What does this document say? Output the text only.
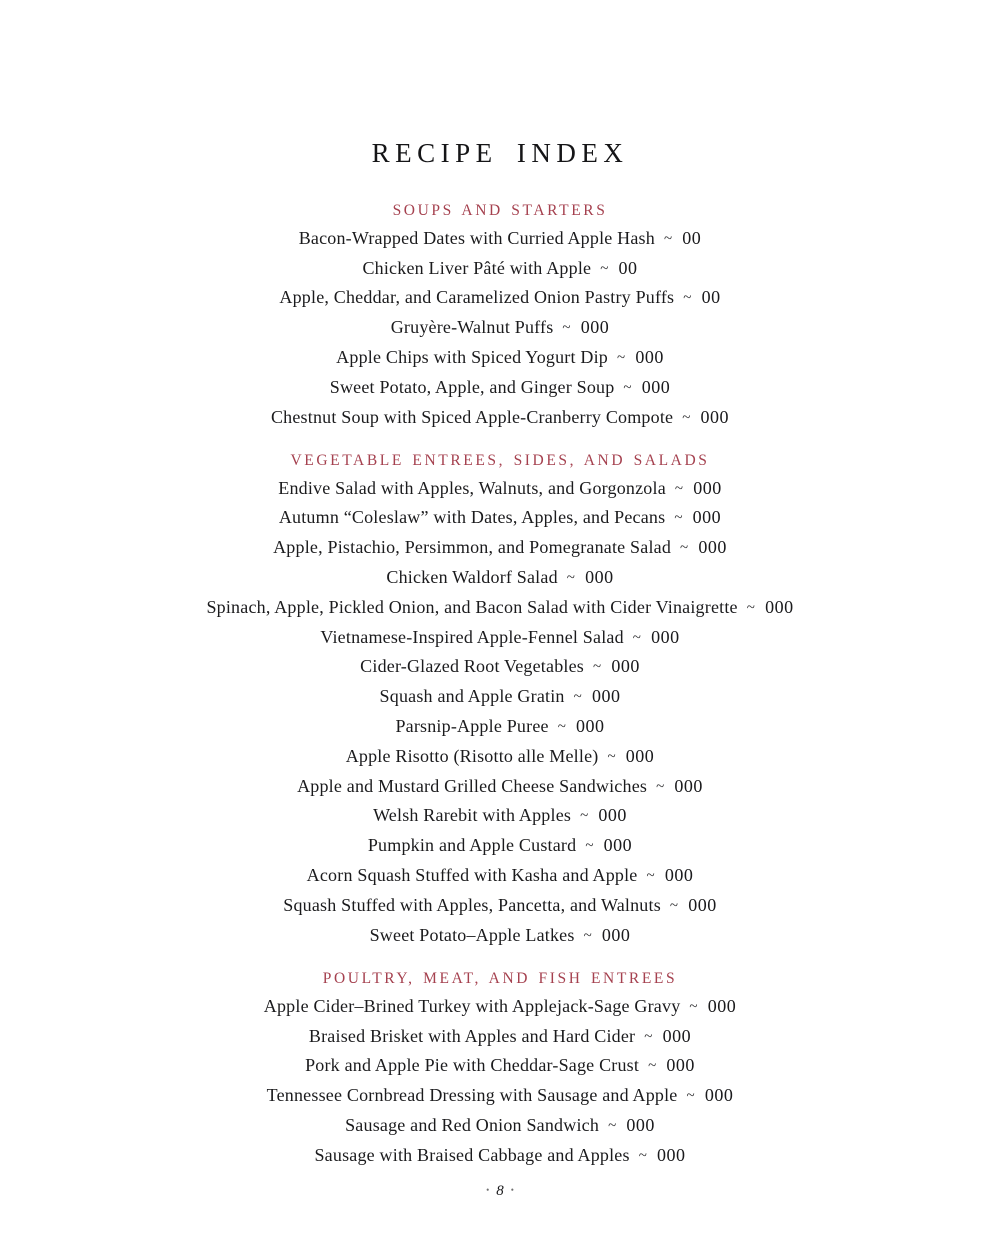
RECIPE INDEX
SOUPS AND STARTERS
Bacon-Wrapped Dates with Curried Apple Hash ~ 00
Chicken Liver Pâté with Apple ~ 00
Apple, Cheddar, and Caramelized Onion Pastry Puffs ~ 00
Gruyère-Walnut Puffs ~ 000
Apple Chips with Spiced Yogurt Dip ~ 000
Sweet Potato, Apple, and Ginger Soup ~ 000
Chestnut Soup with Spiced Apple-Cranberry Compote ~ 000
VEGETABLE ENTREES, SIDES, AND SALADS
Endive Salad with Apples, Walnuts, and Gorgonzola ~ 000
Autumn “Coleslaw” with Dates, Apples, and Pecans ~ 000
Apple, Pistachio, Persimmon, and Pomegranate Salad ~ 000
Chicken Waldorf Salad ~ 000
Spinach, Apple, Pickled Onion, and Bacon Salad with Cider Vinaigrette ~ 000
Vietnamese-Inspired Apple-Fennel Salad ~ 000
Cider-Glazed Root Vegetables ~ 000
Squash and Apple Gratin ~ 000
Parsnip-Apple Puree ~ 000
Apple Risotto (Risotto alle Melle) ~ 000
Apple and Mustard Grilled Cheese Sandwiches ~ 000
Welsh Rarebit with Apples ~ 000
Pumpkin and Apple Custard ~ 000
Acorn Squash Stuffed with Kasha and Apple ~ 000
Squash Stuffed with Apples, Pancetta, and Walnuts ~ 000
Sweet Potato–Apple Latkes ~ 000
POULTRY, MEAT, AND FISH ENTREES
Apple Cider–Brined Turkey with Applejack-Sage Gravy ~ 000
Braised Brisket with Apples and Hard Cider ~ 000
Pork and Apple Pie with Cheddar-Sage Crust ~ 000
Tennessee Cornbread Dressing with Sausage and Apple ~ 000
Sausage and Red Onion Sandwich ~ 000
Sausage with Braised Cabbage and Apples ~ 000
• 8 •
